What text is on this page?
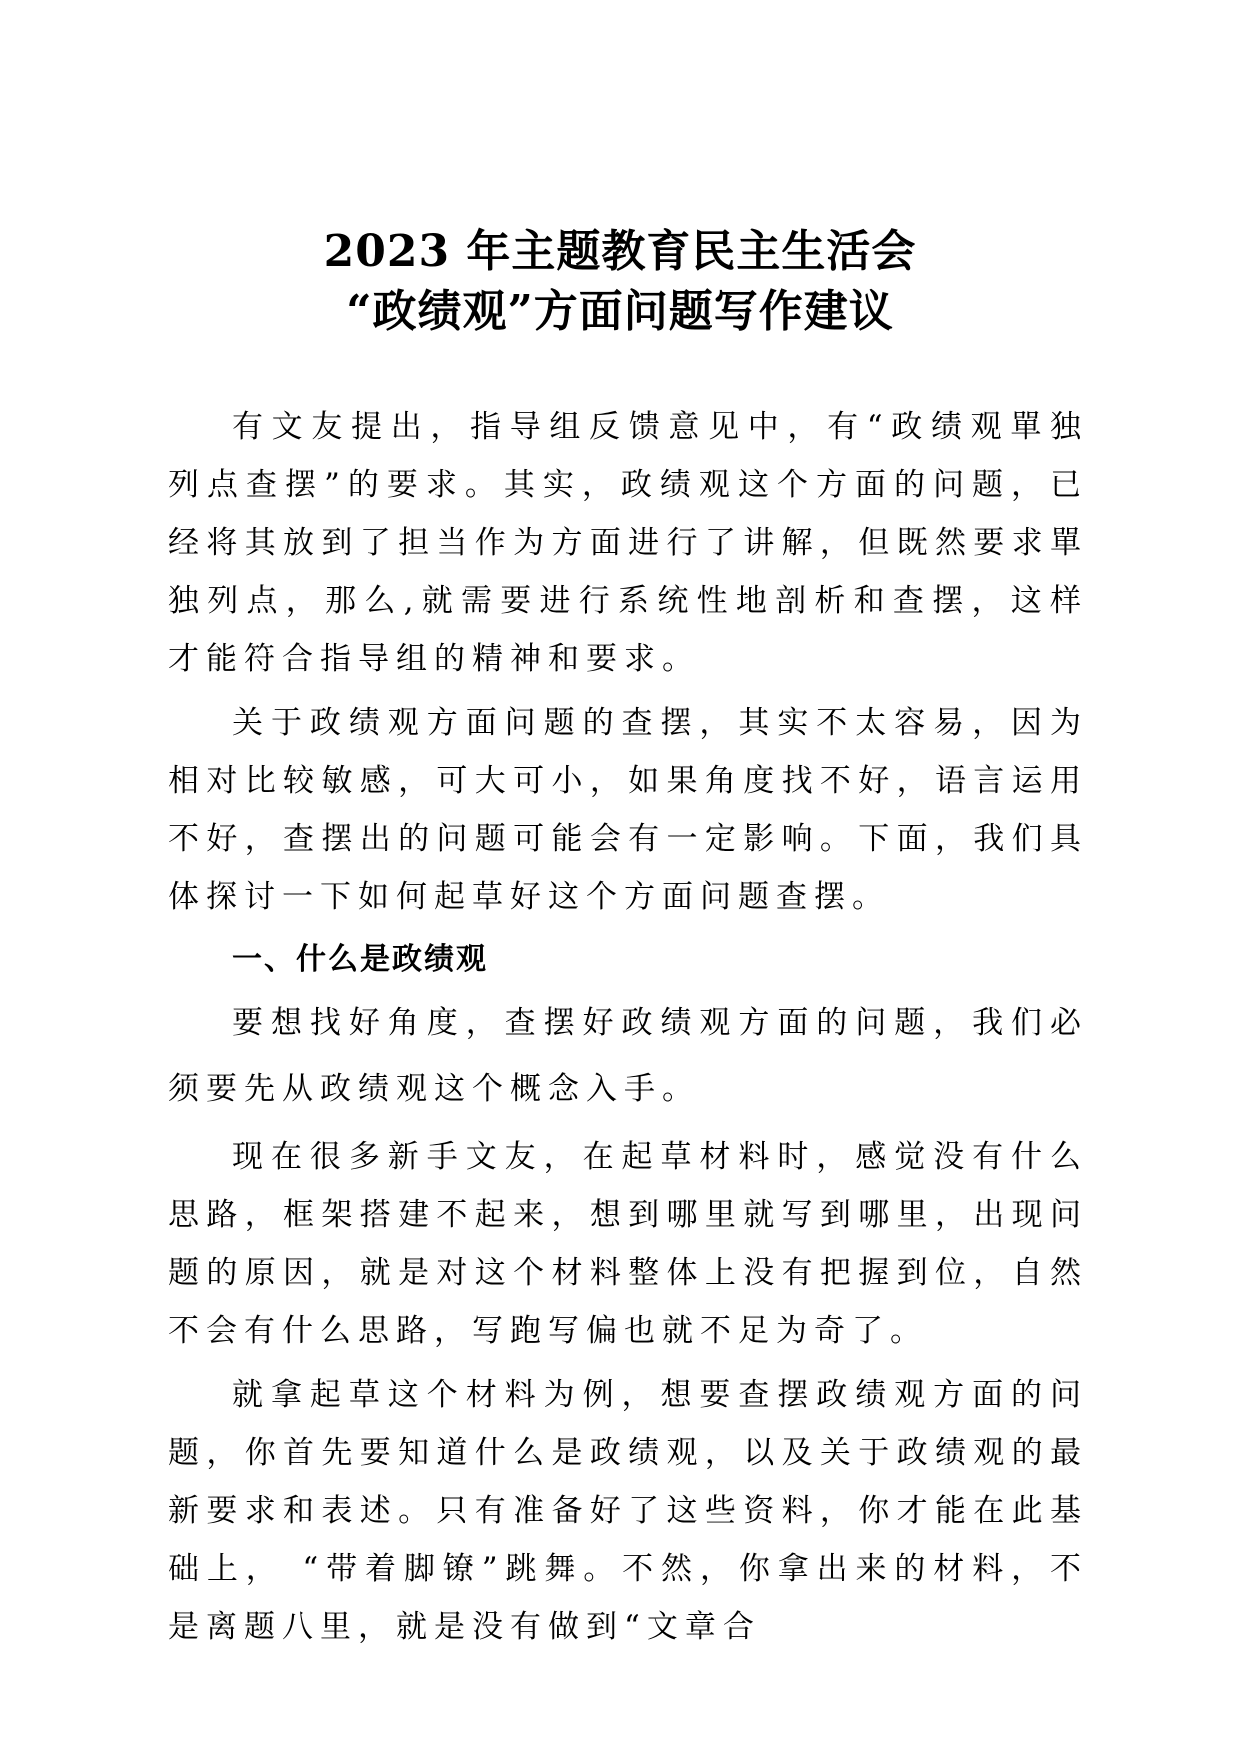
2023 年主题教育民主生活会

“政绩观”方面问题写作建议

有文友提出，指导组反馈意见中，有“政绩观單独列点查摆”的要求。其实，政绩观这个方面的问题，已经将其放到了担当作为方面进行了讲解，但既然要求單独列点，那么,就需要进行系统性地剖析和查摆，这样才能符合指导组的精神和要求。

关于政绩观方面问题的查摆，其实不太容易，因为相对比较敏感，可大可小，如果角度找不好，语言运用不好，查摆出的问题可能会有一定影响。下面，我们具体探讨一下如何起草好这个方面问题查摆。

一、什么是政绩观

要想找好角度，查摆好政绩观方面的问题，我们必须要先从政绩观这个概念入手。

现在很多新手文友，在起草材料时，感觉没有什么思路，框架搭建不起来，想到哪里就写到哪里，出现问题的原因，就是对这个材料整体上没有把握到位，自然不会有什么思路，写跑写偏也就不足为奇了。

就拿起草这个材料为例，想要查摆政绩观方面的问题，你首先要知道什么是政绩观，以及关于政绩观的最新要求和表述。只有准备好了这些资料，你才能在此基础上， “带着脚镣”跳舞。不然，你拿出来的材料，不是离题八里，就是没有做到“文章合
